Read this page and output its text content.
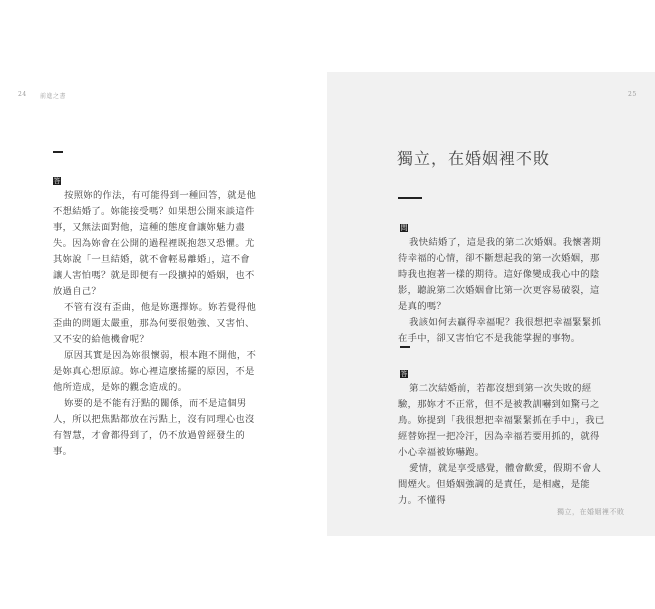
24 前進之書
答

按照妳的作法，有可能得到一種回答，就是他不想結婚了。妳能接受嗎？如果想公開來談這件事，又無法面對他，這種的態度會讓妳魅力盡失。因為妳會在公開的過程裡既抱怨又恐懼。尤其妳說「一旦結婚，就不會輕易離婚」，這不會讓人害怕嗎？就是即便有一段擴掉的婚姻，也不放過自己？

不管有沒有歪曲，他是妳選擇妳。妳若覺得他歪曲的問題太嚴重，那為何要很勉強、又害怕、又不安的給他機會呢？

原因其實是因為妳很懷弱，根本跑不開他，不是妳真心想原諒。妳心裡這麼搖擺的原因，不是他所造成，是妳的觀念造成的。

妳要的是不能有汙點的關係，而不是這個男人，所以把焦點都放在污點上，沒有同理心也沒有智慧，才會都得到了，仍不放過曾經發生的事。

25
獨立，在婚姻裡不敗
問

我快結婚了，這是我的第二次婚姻。我懷著期待幸福的心情，卻不斷想起我的第一次婚姻，那時我也抱著一樣的期待。這好像變成我心中的陰影，聽說第二次婚姻會比第一次更容易破裂，這是真的嗎？

我該如何去贏得幸福呢？我很想把幸福緊緊抓在手中，卻又害怕它不是我能掌握的事物。

答

第二次結婚前，若都沒想到第一次失敗的經驗，那妳才不正常，但不是被教訓嚇到如驚弓之鳥。妳提到「我很想把幸福緊緊抓在手中」，我已經替妳捏一把冷汗，因為幸福若要用抓的，就得小心幸福被妳嚇跑。

愛情，就是享受感覺，體會歡愛，假期不會人間煙火。但婚姻強調的是責任，是相處，是能力。不懂得

獨立，在婚姻裡不敗
